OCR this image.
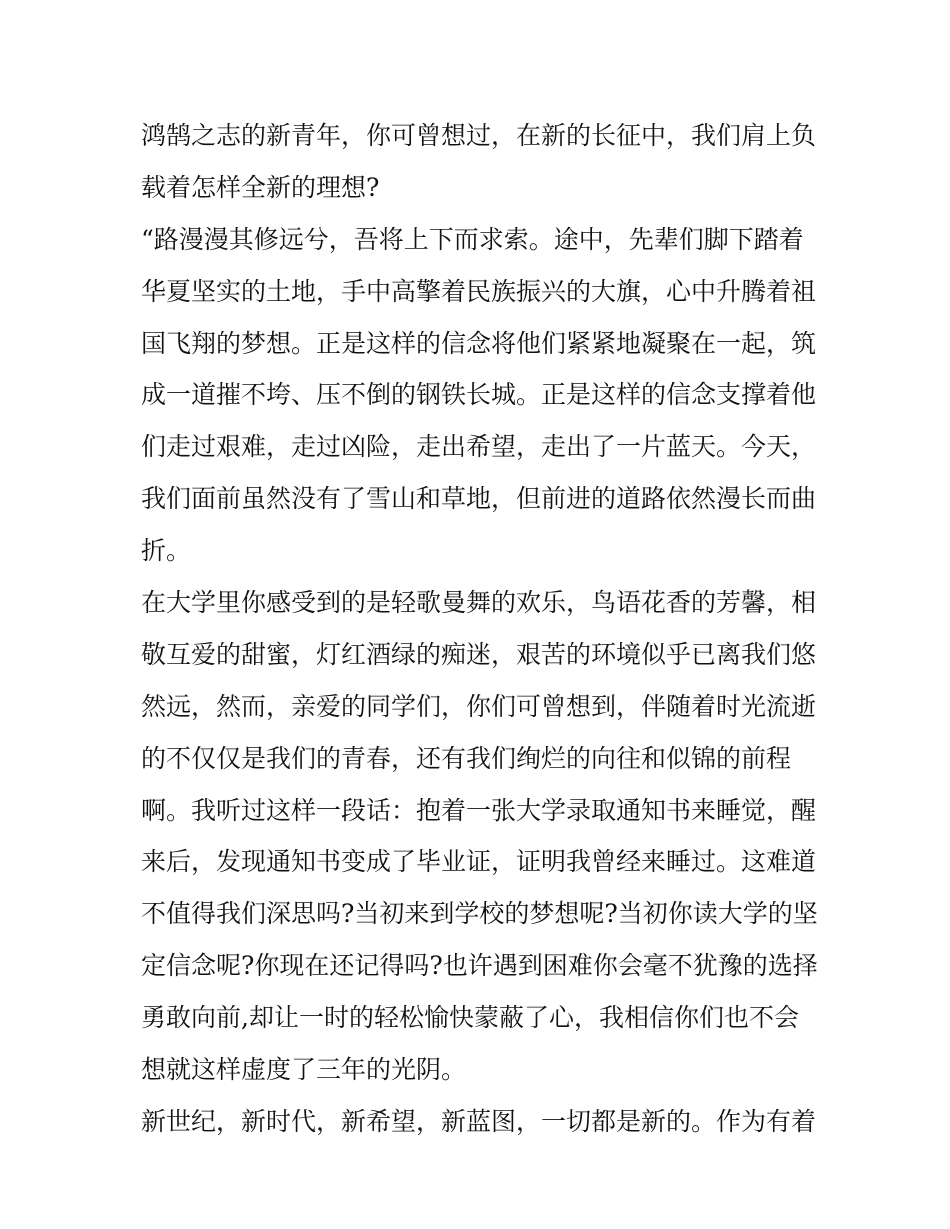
鸿鹄之志的新青年，你可曾想过，在新的长征中，我们肩上负
载着怎样全新的理想?
“路漫漫其修远兮，吾将上下而求索。途中，先辈们脚下踏着
华夏坚实的土地，手中高擎着民族振兴的大旗，心中升腾着祖
国飞翔的梦想。正是这样的信念将他们紧紧地凝聚在一起，筑
成一道摧不垮、压不倒的钢铁长城。正是这样的信念支撑着他
们走过艰难，走过凶险，走出希望，走出了一片蓝天。今天，
我们面前虽然没有了雪山和草地，但前进的道路依然漫长而曲
折。
在大学里你感受到的是轻歌曼舞的欢乐，鸟语花香的芳馨，相
敬互爱的甜蜜，灯红酒绿的痴迷，艰苦的环境似乎已离我们悠
然远，然而，亲爱的同学们，你们可曾想到，伴随着时光流逝
的不仅仅是我们的青春，还有我们绚烂的向往和似锦的前程
啊。我听过这样一段话：抱着一张大学录取通知书来睡觉，醒
来后，发现通知书变成了毕业证，证明我曾经来睡过。这难道
不值得我们深思吗?当初来到学校的梦想呢?当初你读大学的坚
定信念呢?你现在还记得吗?也许遇到困难你会毫不犹豫的选择
勇敢向前,却让一时的轻松愉快蒙蔽了心，我相信你们也不会
想就这样虚度了三年的光阴。
新世纪，新时代，新希望，新蓝图，一切都是新的。作为有着
